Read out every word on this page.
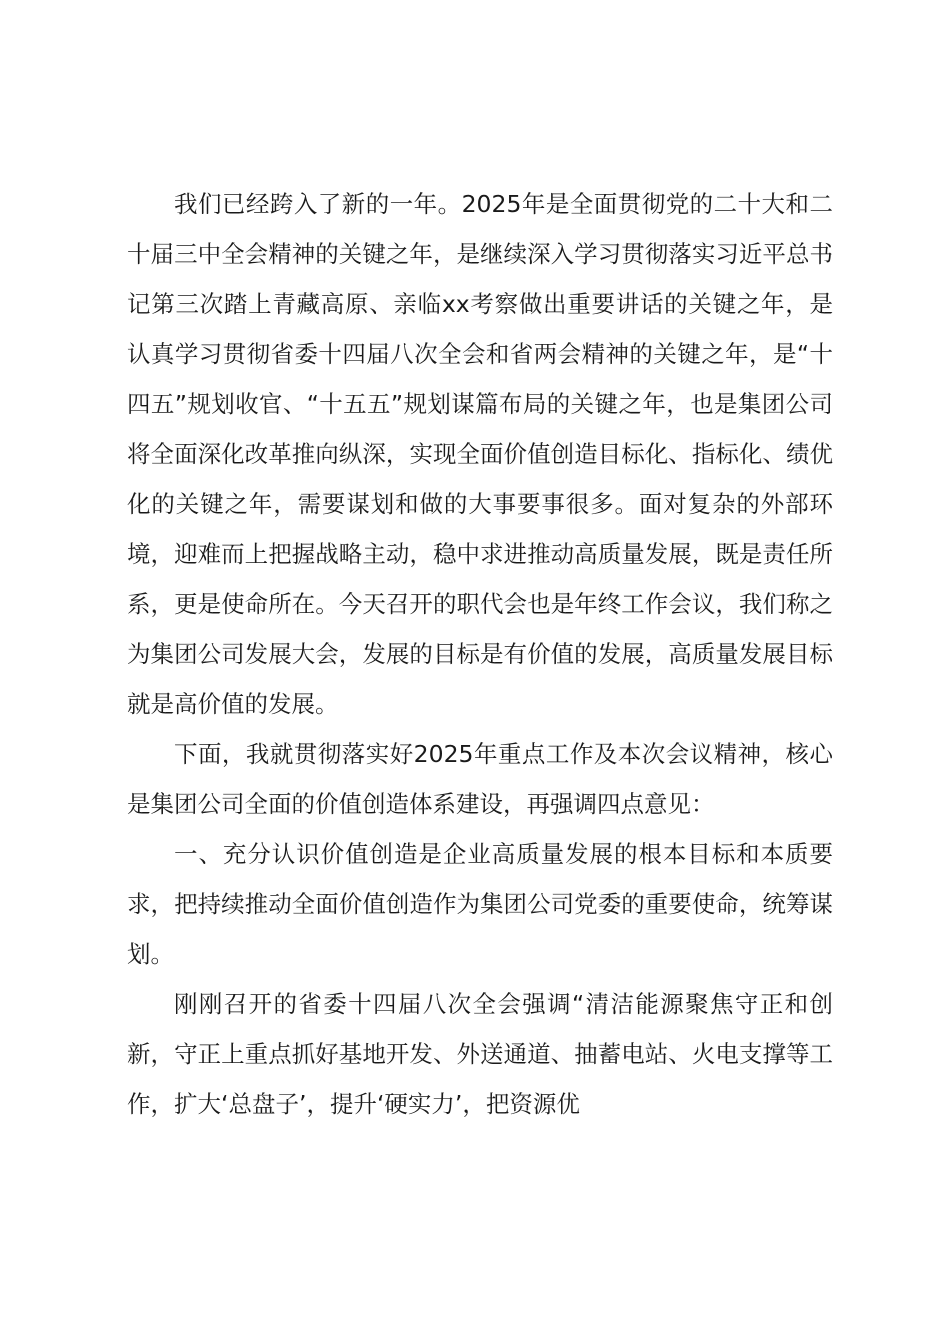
我们已经跨入了新的一年。2025年是全面贯彻党的二十大和二十届三中全会精神的关键之年，是继续深入学习贯彻落实习近平总书记第三次踏上青藏高原、亲临xx考察做出重要讲话的关键之年，是认真学习贯彻省委十四届八次全会和省两会精神的关键之年，是“十四五”规划收官、“十五五”规划谋篇布局的关键之年，也是集团公司将全面深化改革推向纵深，实现全面价值创造目标化、指标化、绩优化的关键之年，需要谋划和做的大事要事很多。面对复杂的外部环境，迎难而上把握战略主动，稳中求进推动高质量发展，既是责任所系，更是使命所在。今天召开的职代会也是年终工作会议，我们称之为集团公司发展大会，发展的目标是有价值的发展，高质量发展目标就是高价值的发展。

下面，我就贯彻落实好2025年重点工作及本次会议精神，核心是集团公司全面的价值创造体系建设，再强调四点意见：

一、充分认识价值创造是企业高质量发展的根本目标和本质要求，把持续推动全面价值创造作为集团公司党委的重要使命，统筹谋划。

刚刚召开的省委十四届八次全会强调“清洁能源聚焦守正和创新，守正上重点抓好基地开发、外送通道、抽蓄电站、火电支撑等工作，扩大‘总盘子’，提升‘硬实力’，把资源优
